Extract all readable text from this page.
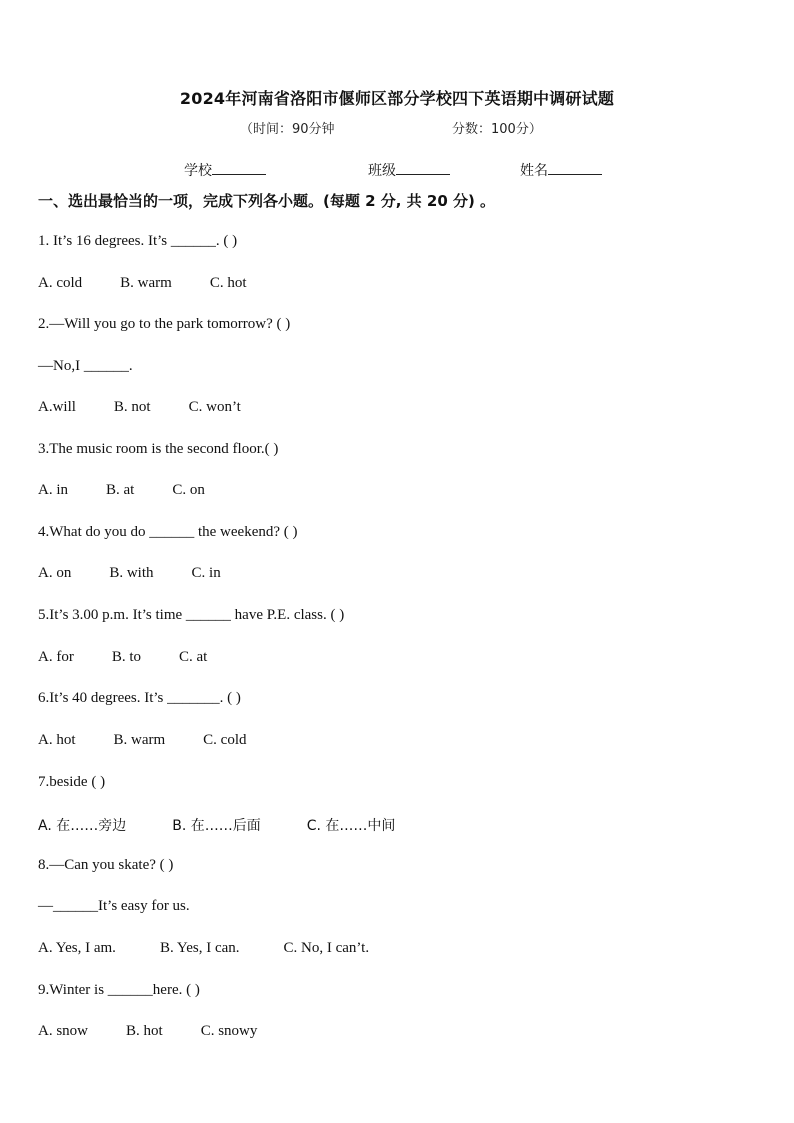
2024年河南省洛阳市偃师区部分学校四下英语期中调研试题
（时间：90分钟	分数：100分）
学校	班级	姓名
一、选出最恰当的一项，完成下列各小题。(每题 2 分, 共 20 分) 。
1. It’s 16 degrees. It’s ______. ( )
A. cold	B. warm	C. hot
2.—Will you go to the park tomorrow? ( )
—No,I ______.
A.will	B. not	C. won’t
3.The music room is the second floor.( )
A. in	B. at	C. on
4.What do you do ______ the weekend? ( )
A. on	B. with	C. in
5.It’s 3.00 p.m. It’s time ______ have P.E. class. ( )
A. for	B. to	C. at
6.It’s 40 degrees. It’s _______. ( )
A. hot	B. warm	C. cold
7.beside ( )
A. 在……旁边	B. 在……后面	C. 在……中间
8.—Can you skate? ( )
—______It’s easy for us.
A. Yes, I am.	B. Yes, I can.	C. No, I can’t.
9.Winter is ______here. ( )
A. snow	B. hot	C. snowy
